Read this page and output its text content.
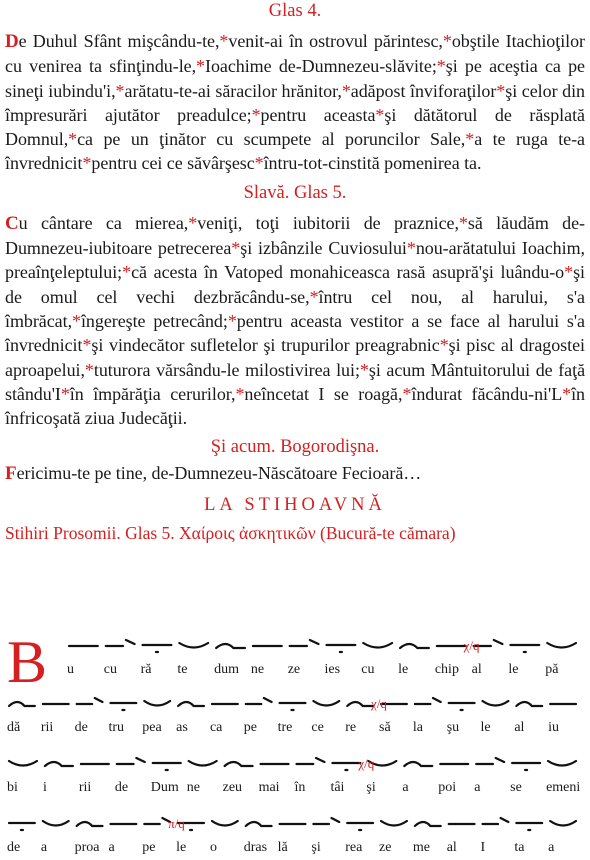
Glas 4.

De Duhul Sfânt mişcându-te,*venit-ai în ostrovul părintesc,*obştile Itachioţilor cu venirea ta sfinţindu-le,*Ioachime de-Dumnezeu-slăvite;*şi pe aceştia ca pe sineţi iubindu'i,*arătatu-te-ai săracilor hrănitor,*adăpost înviforaţilor*şi celor din împresurări ajutător preadulce;*pentru aceasta*şi dătătorul de răsplată Domnul,*ca pe un ţinător cu scumpete al poruncilor Sale,*a te ruga te-a învrednicit*pentru cei ce săvârşesc*întru-tot-cinstită pomenirea ta.

Slavă. Glas 5.

Cu cântare ca mierea,*veniţi, toţi iubitorii de praznice,*să lăudăm de-Dumnezeu-iubitoare petrecerea*şi izbânzile Cuviosului*nou-arătatului Ioachim, preaînţeleptului;*că acesta în Vatoped monahiceasca rasă asupră'şi luându-o*şi de omul cel vechi dezbrăcându-se,*întru cel nou, al harului, s'a îmbrăcat,*îngereşte petrecând;*pentru aceasta vestitor a se face al harului s'a învrednicit*şi vindecător sufletelor şi trupurilor preagrabnic*şi pisc al dragostei aproapelui,*tuturora vărsându-le milostivirea lui;*şi acum Mântuitorului de faţă stându'I*în împărăţia cerurilor,*neîncetat I se roagă,*îndurat făcându-ni'L*în înfricoşată ziua Judecăţii.

Şi acum. Bogorodişna.

Fericimu-te pe tine, de-Dumnezeu-Născătoare Fecioară…

LA STIHOAVNĂ
Stihiri Prosomii. Glas 5. Χαίροις ἀσκητικῶν (Bucură-te cămara)
B u cu ră te dum ne ze ies cu le chip al le pă
χ/q
dă rii de tru pea as ca pe tre ce re să la şu le al iu
χ/q
bi i rii de Dum ne zeu mai în tâi şi a poi a se emeni
χ/q
de a proa a pe le o dras lă şi rea ze me al I ta a
π/q
